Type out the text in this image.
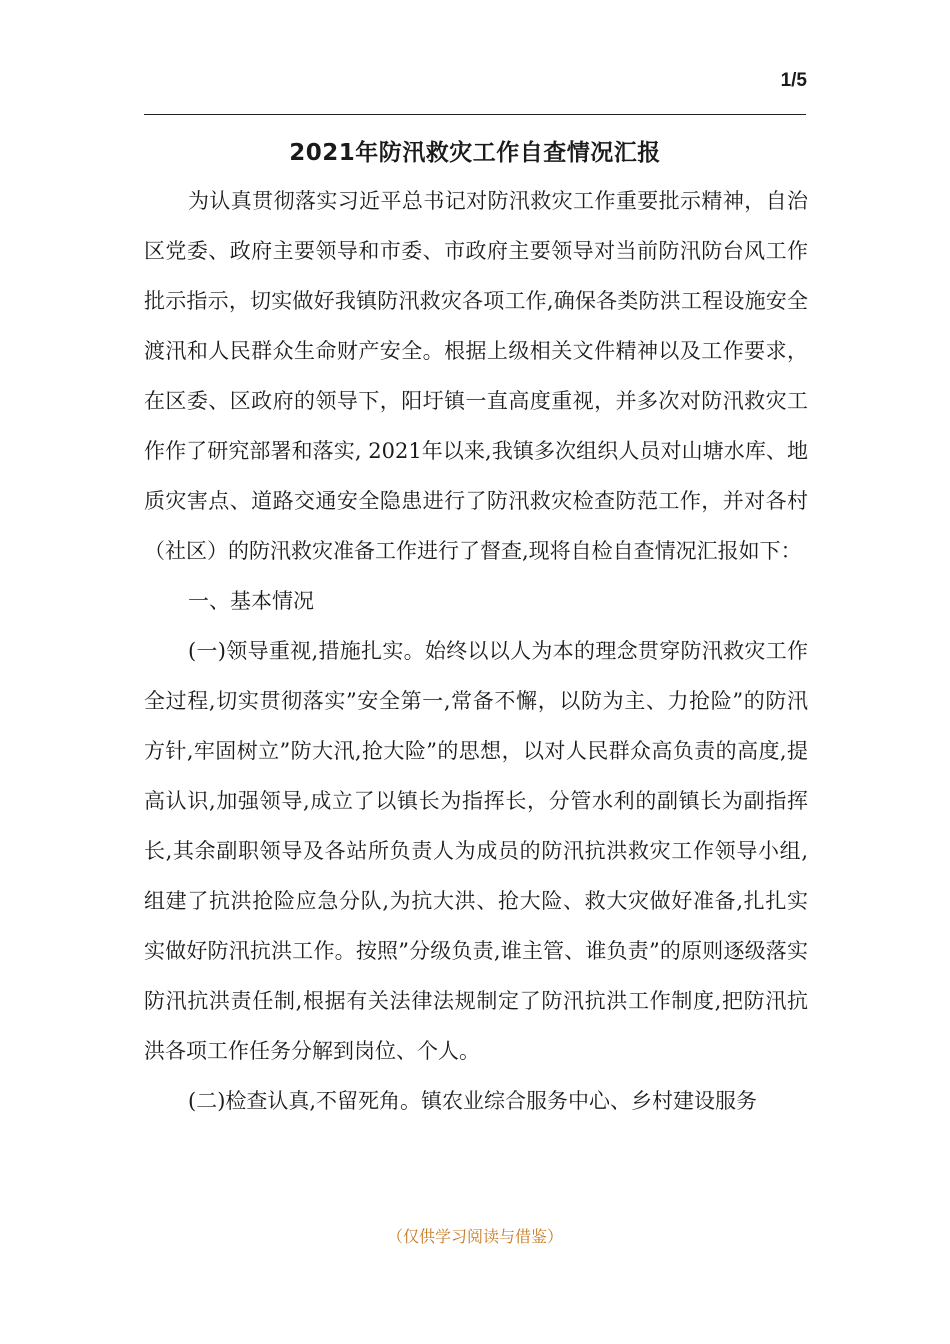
1/5
2021年防汛救灾工作自查情况汇报

为认真贯彻落实习近平总书记对防汛救灾工作重要批示精神，自治区党委、政府主要领导和市委、市政府主要领导对当前防汛防台风工作批示指示，切实做好我镇防汛救灾各项工作,确保各类防洪工程设施安全渡汛和人民群众生命财产安全。根据上级相关文件精神以及工作要求，在区委、区政府的领导下，阳圩镇一直高度重视，并多次对防汛救灾工作作了研究部署和落实, 2021年以来,我镇多次组织人员对山塘水库、地质灾害点、道路交通安全隐患进行了防汛救灾检查防范工作，并对各村（社区）的防汛救灾准备工作进行了督查,现将自检自查情况汇报如下：

一、基本情况

(一)领导重视,措施扎实。始终以以人为本的理念贯穿防汛救灾工作全过程,切实贯彻落实”安全第一,常备不懈，以防为主、力抢险”的防汛方针,牢固树立”防大汛,抢大险”的思想，以对人民群众高负责的高度,提高认识,加强领导,成立了以镇长为指挥长，分管水利的副镇长为副指挥长,其余副职领导及各站所负责人为成员的防汛抗洪救灾工作领导小组,组建了抗洪抢险应急分队,为抗大洪、抢大险、救大灾做好准备,扎扎实实做好防汛抗洪工作。按照”分级负责,谁主管、谁负责”的原则逐级落实防汛抗洪责任制,根据有关法律法规制定了防汛抗洪工作制度,把防汛抗洪各项工作任务分解到岗位、个人。

(二)检查认真,不留死角。镇农业综合服务中心、乡村建设服务

（仅供学习阅读与借鉴）
